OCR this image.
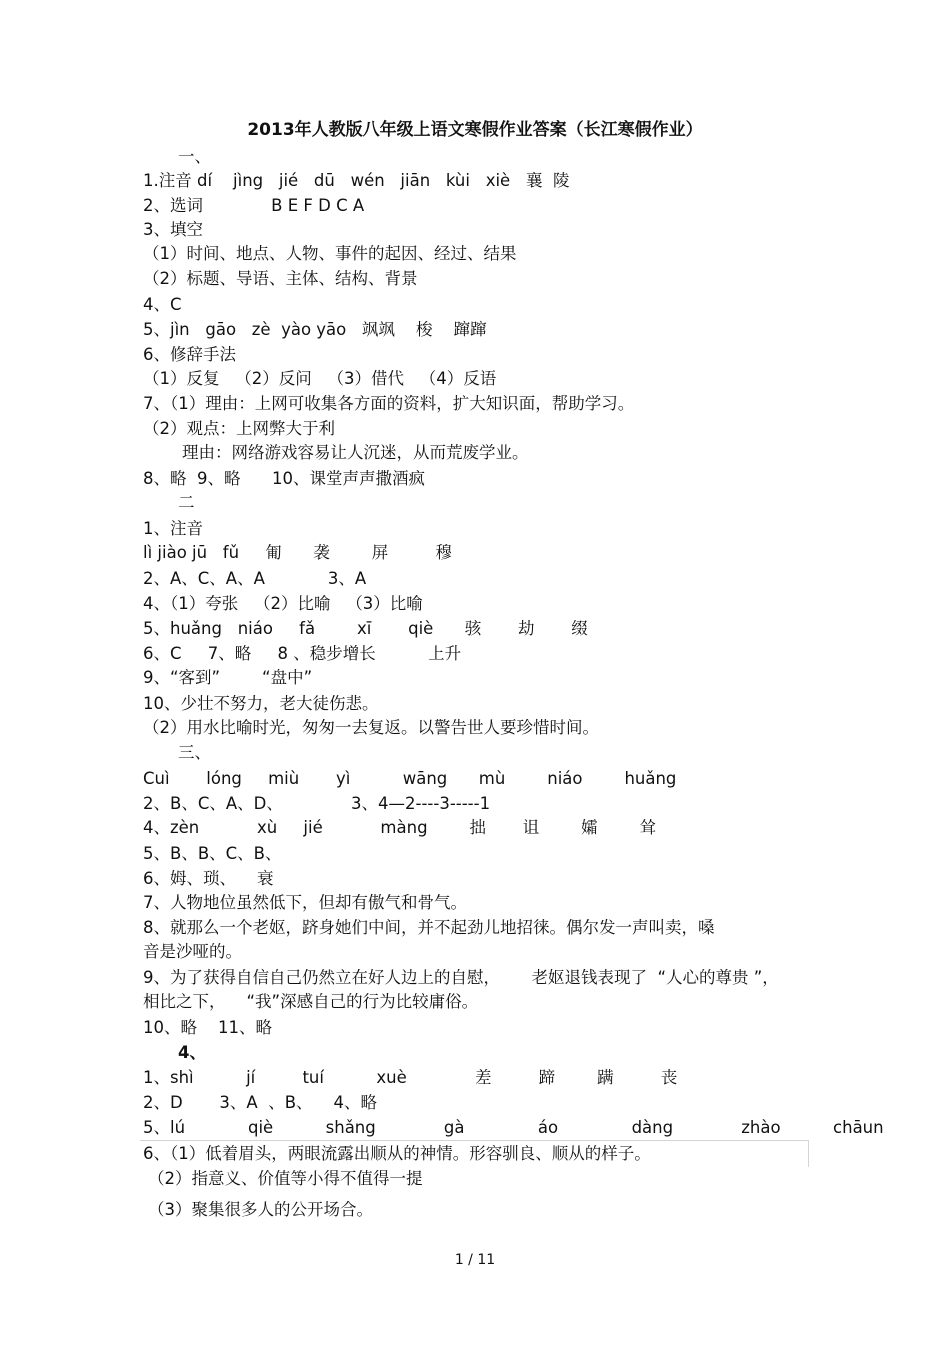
2013年人教版八年级上语文寒假作业答案（长江寒假作业）
一、
1.注音 dí    jìng   jié   dū   wén   jiān   kùi   xiè   襄  陵
2、选词             B E F D C A
3、填空
（1）时间、地点、人物、事件的起因、经过、结果
（2）标题、导语、主体、结构、背景
4、C
5、jìn   gāo   zè  yào yāo   飒飒    梭    蹿蹿
6、修辞手法
（1）反复   （2）反问   （3）借代   （4）反语
7、（1）理由：上网可收集各方面的资料，扩大知识面，帮助学习。
（2）观点：上网弊大于利
理由：网络游戏容易让人沉迷，从而荒废学业。
8、略  9、略      10、课堂声声撒酒疯
二
1、注音
lì jiào jū   fǔ     匍      袭        屏         穆
2、A、C、A、A            3、A
4、（1）夸张   （2）比喻   （3）比喻
5、huǎng   niáo     fǎ        xī       qiè      骇       劫       缀
6、C     7、略     8 、稳步增长          上升
9、“客到”        “盘中”
10、少壮不努力，老大徒伤悲。
（2）用水比喻时光，匆匆一去复返。以警告世人要珍惜时间。
三、
Cuì       lóng     miù       yì          wāng      mù        niáo        huǎng
2、B、C、A、D、             3、4—2----3-----1
4、zèn           xù     jié           màng        拙       诅        孀        耸
5、B、B、C、B、
6、姆、琐、    衰
7、人物地位虽然低下，但却有傲气和骨气。
8、就那么一个老妪，跻身她们中间，并不起劲儿地招徕。偶尔发一声叫卖，嗓
音是沙哑的。
9、为了获得自信自己仍然立在好人边上的自慰，      老妪退钱表现了  “人心的尊贵 ”，
相比之下，    “我”深感自己的行为比较庸俗。
10、略    11、略
4、
1、shì          jí         tuí          xuè             差         蹄        蹒         丧
2、D       3、A  、B、    4、略
5、lú            qiè          shǎng             gà              áo              dàng             zhào          chāun
6、（1）低着眉头，两眼流露出顺从的神情。形容驯良、顺从的样子。
（2）指意义、价值等小得不值得一提
（3）聚集很多人的公开场合。
1 / 11
